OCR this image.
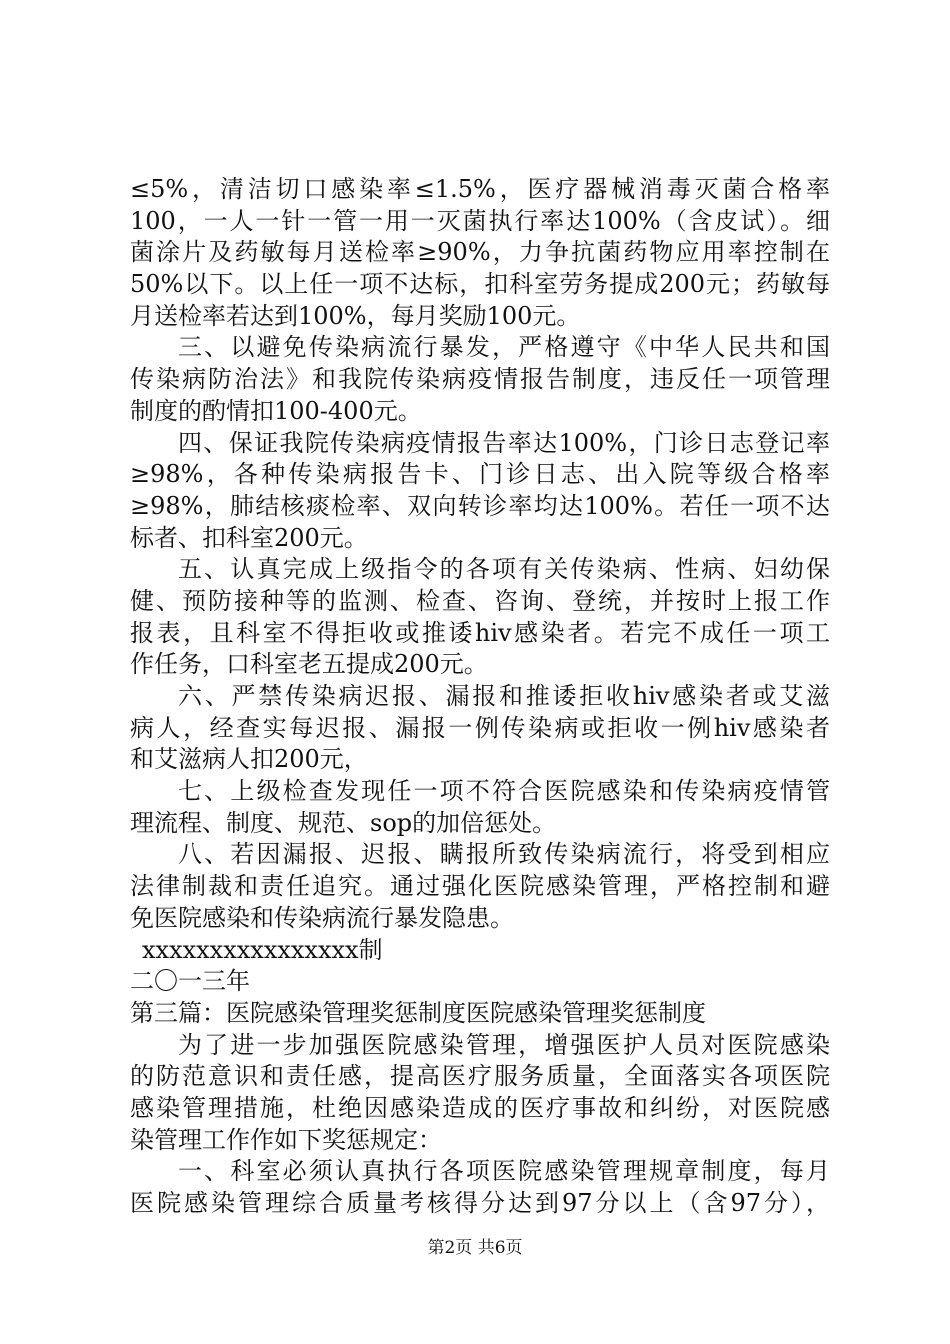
≤5%，清洁切口感染率≤1.5%，医疗器械消毒灭菌合格率
100，一人一针一管一用一灭菌执行率达100%（含皮试）。细
菌涂片及药敏每月送检率≥90%，力争抗菌药物应用率控制在
50%以下。以上任一项不达标，扣科室劳务提成200元；药敏每
月送检率若达到100%，每月奖励100元。
三、以避免传染病流行暴发，严格遵守《中华人民共和国
传染病防治法》和我院传染病疫情报告制度，违反任一项管理
制度的酌情扣100-400元。
四、保证我院传染病疫情报告率达100%，门诊日志登记率
≥98%，各种传染病报告卡、门诊日志、出入院等级合格率
≥98%，肺结核痰检率、双向转诊率均达100%。若任一项不达
标者、扣科室200元。
五、认真完成上级指令的各项有关传染病、性病、妇幼保
健、预防接种等的监测、检查、咨询、登统，并按时上报工作
报表，且科室不得拒收或推诿hiv感染者。若完不成任一项工
作任务，口科室老五提成200元。
六、严禁传染病迟报、漏报和推诿拒收hiv感染者或艾滋
病人，经查实每迟报、漏报一例传染病或拒收一例hiv感染者
和艾滋病人扣200元，
七、上级检查发现任一项不符合医院感染和传染病疫情管
理流程、制度、规范、sop的加倍惩处。
八、若因漏报、迟报、瞒报所致传染病流行，将受到相应
法律制裁和责任追究。通过强化医院感染管理，严格控制和避
免医院感染和传染病流行暴发隐患。
xxxxxxxxxxxxxxxx制
二〇一三年
第三篇：医院感染管理奖惩制度医院感染管理奖惩制度
为了进一步加强医院感染管理，增强医护人员对医院感染
的防范意识和责任感，提高医疗服务质量，全面落实各项医院
感染管理措施，杜绝因感染造成的医疗事故和纠纷，对医院感
染管理工作作如下奖惩规定：
一、科室必须认真执行各项医院感染管理规章制度，每月
医院感染管理综合质量考核得分达到97分以上（含97分），
第2页 共6页
